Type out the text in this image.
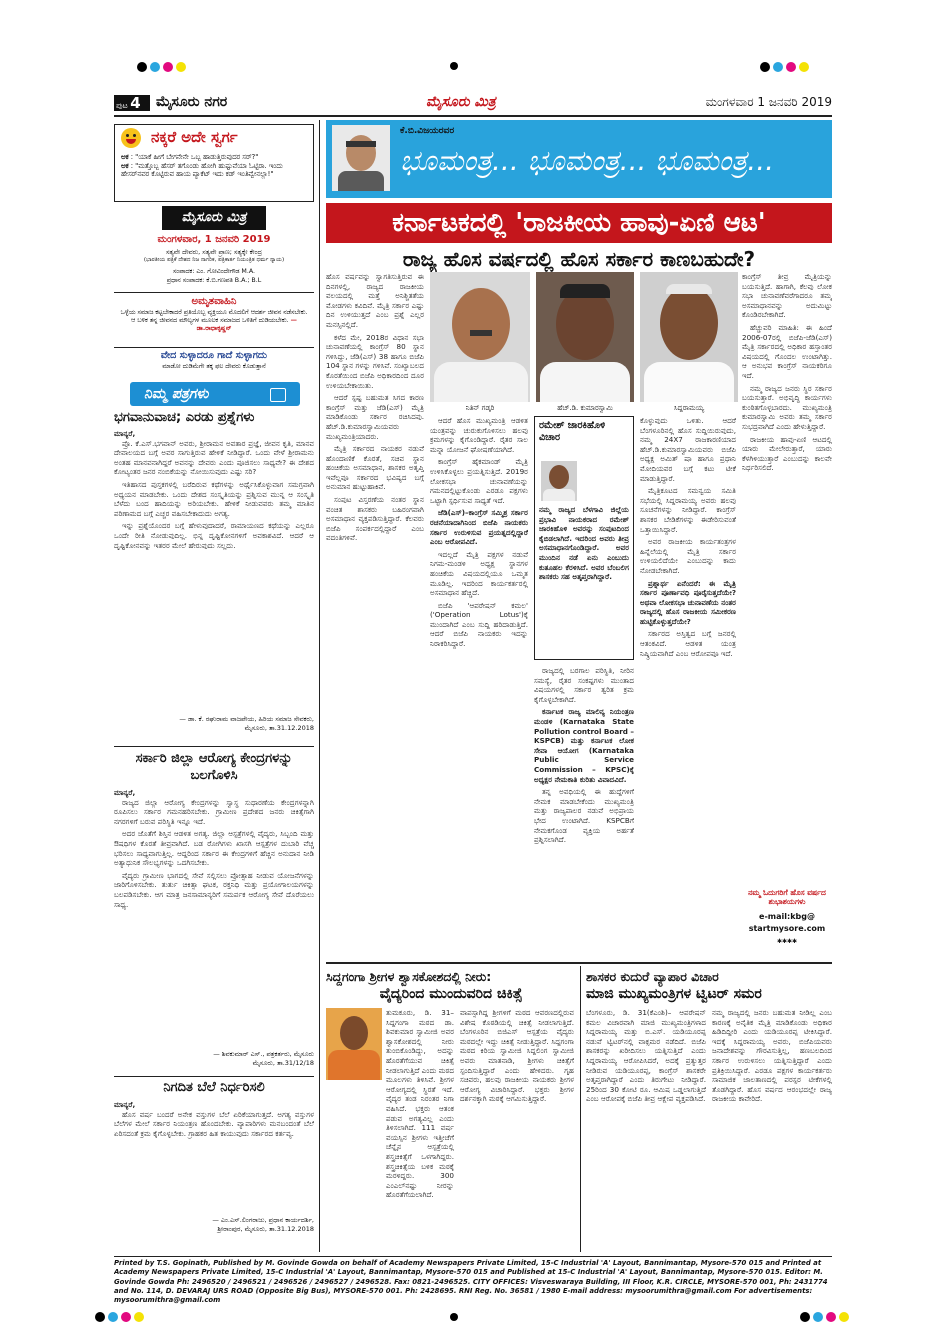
ಪುಟ 4	ಮೈಸೂರು ನಗರ	ಮೈಸೂರು ಮಿತ್ರ	ಮಂಗಳವಾರ 1 ಜನವರಿ 2019
ನಕ್ಕರೆ ಅದೇ ಸ್ವರ್ಗ
ಅಕ : "ಯಾಕೆ ಹೀಗೆ ಬೇಗನೇನೇ ಒಬ್ಬ ಹಾಡುತ್ತಿರುವುದರ ಸರ್?"
ಅಕ : "ಮತ್ತೊಬ್ಬ ಹೆಸರ್ ತಗೊಂಡು ಹೋಗಿ ಹುಷ್ಟುವೆಯಾ ಓಟ್ಟಿರಾ. ಇಂದು ಹೇಸರ್‌ನವರ ಕೊಟ್ಟಿರುವ ಹಾಯ ಪ್ಯಾಕೆಟ್ ಇದು ಕಡ್ ಇಂತಿವ್ವೇನಲ್ಲಾ!"
ಮೈಸೂರು ಮಿತ್ರ
ಮಂಗಳವಾರ, 1 ಜನವರಿ 2019
ಸತ್ಯವೇ ದೇವರು, ಸತ್ಯವೇ ಪ್ರಾಣ; ಸತ್ಯಕ್ಕೇ ಕೇಂದ್ರ
(ಭಾರತೀಯ ಪತ್ರಿಕೆ ದೇಶದ ನಿಜ ನಾಗರಿಕ, ಪತ್ರಿಕಾರ್ತ ನಿಯಂತ್ರಿತ ಧರ್ಮ ನ್ಯಾಯ)
ಸಂಪಾದಕ: ಎಂ. ಗೋವಿಂದೇಗೌಡ M.A.
ಪ್ರಧಾನ ಸಂಪಾದಕ: ಕೆ.ಬಿ.ಗಣಪತಿ B.A.; B.L
ಅಮೃತವಾಹಿನಿ
ಒಳ್ಳೆಯ ಸಮಾಜ ಕಟ್ಟಬೇಕಾದರೆ ಪ್ರತಿಯೊಬ್ಬ ವ್ಯಕ್ತಿಯೂ ಮೊದಲಿಗೆ ಆದರ್ಶ ಜೀವನ ನಡೆಸಬೇಕು. ಆ ಬಳಿಕ ತನ್ನ ಜೀವನದ ಮೌಲ್ಯಗಳ ಮೂಲಕ ಸಮಾಜದ ಒಳಿತಿಗೆ ದುಡಿಯಬೇಕು. — ಡಾ.ರಾಧಾಕೃಷ್ಣನ್
ವೇದ ಸುಳ್ಳಾದರೂ ಗಾದೆ ಸುಳ್ಳಾಗದು
ಮಾಡೋ ದುಡಿಮೆಗೇ ತಕ್ಕ ಫಲ ದೇವರು ಕೊಡುತ್ತಾನೆ
ನಿಮ್ಮ ಪತ್ರಗಳು
ಭಗವಾನುವಾಚ; ಎರಡು ಪ್ರಶ್ನೆಗಳು
ಮಾನ್ಯರೆ,

ಪ್ರೊ. ಕೆ.ಎಸ್.ಭಗವಾನ್ ಅವರು, ಶ್ರೀರಾಮನ ಅವತಾರ ಪ್ರಜ್ಞೆ, ಜೀವನ ಕೃತಿ, ಮಾನವ ದೇವಾಲಯದ ಬಗ್ಗೆ ಅವರ ಸಾಗುತ್ತಿರುವ ಹೇಳಿಕೆ ನೀಡಿದ್ದಾರೆ. ಒಂದು ವೇಳೆ ಶ್ರೀರಾಮನು ಅಂತಹ ಮಾನವನಾಗಿದ್ದರೆ ಅವನನ್ನು ದೇವರು ಎಂದು ಪೂಜಿಸಲು ಸಾಧ್ಯವೇ? ಈ ದೇಶದ ಕೋಟ್ಯಂತರ ಜನರ ನಂಬಿಕೆಯನ್ನು ನೋಯಿಸುವುದು ಎಷ್ಟು ಸರಿ?

ಇತಿಹಾಸದ ಪುಸ್ತಕಗಳಲ್ಲಿ ಬರೆದಿರುವ ಕಥೆಗಳನ್ನು ಅರ್ಥೈಸಿಕೊಳ್ಳುವಾಗ ಸಮಗ್ರವಾಗಿ ಅಧ್ಯಯನ ಮಾಡಬೇಕು. ಒಂದು ದೇಶದ ಸಂಸ್ಕೃತಿಯನ್ನು ಪ್ರಶ್ನಿಸುವ ಮುನ್ನ ಆ ಸಂಸ್ಕೃತಿ ಬೆಳೆದು ಬಂದ ಹಾದಿಯನ್ನು ಅರಿಯಬೇಕು. ಹೇಳಿಕೆ ನೀಡುವವರು ತಮ್ಮ ಮಾತಿನ ಪರಿಣಾಮದ ಬಗ್ಗೆ ಎಚ್ಚರ ವಹಿಸಬೇಕಾದುದು ಅಗತ್ಯ.

ಇನ್ನು ಪ್ರಶ್ನೆಯೊಂದರ ಬಗ್ಗೆ ಹೇಳುವುದಾದರೆ, ರಾಮಾಯಣದ ಕಥೆಯನ್ನು ಎಲ್ಲರೂ ಒಂದೇ ರೀತಿ ನೋಡುವುದಿಲ್ಲ. ಭಿನ್ನ ದೃಷ್ಟಿಕೋನಗಳಿಗೆ ಅವಕಾಶವಿದೆ. ಆದರೆ ಆ ದೃಷ್ಟಿಕೋನವನ್ನು ಇತರರ ಮೇಲೆ ಹೇರುವುದು ಸಲ್ಲದು.

— ಡಾ. ಕೆ. ರಘುರಾಮ ವಾಜಪೇಯ, ಹಿರಿಯ ಸಮಾಜ ಸೇವಕರು,
ಮೈಸೂರು, ತಾ.31.12.2018
ಸರ್ಕಾರಿ ಜಿಲ್ಲಾ ಆರೋಗ್ಯ ಕೇಂದ್ರಗಳನ್ನು ಬಲಗೊಳಿಸಿ
ಮಾನ್ಯರೆ,

ರಾಜ್ಯದ ಜಿಲ್ಲಾ ಆರೋಗ್ಯ ಕೇಂದ್ರಗಳನ್ನು ಸ್ವಾಸ್ಥ ಸುಧಾರಣೆಯ ಕೇಂದ್ರಗಳನ್ನಾಗಿ ರೂಪಿಸಲು ಸರ್ಕಾರ ಗಮನಹರಿಸಬೇಕು. ಗ್ರಾಮೀಣ ಪ್ರದೇಶದ ಜನರು ಚಿಕಿತ್ಸೆಗಾಗಿ ನಗರಗಳಿಗೆ ಬರುವ ಪರಿಸ್ಥಿತಿ ಇನ್ನೂ ಇದೆ.

ಅದರ ಜೊತೆಗೆ ಶಿಸ್ತಿನ ಆಡಳಿತ ಅಗತ್ಯ. ಜಿಲ್ಲಾ ಆಸ್ಪತ್ರೆಗಳಲ್ಲಿ ವೈದ್ಯರು, ಸಿಬ್ಬಂದಿ ಮತ್ತು ಔಷಧಿಗಳ ಕೊರತೆ ತೀವ್ರವಾಗಿದೆ. ಬಡ ರೋಗಿಗಳು ಖಾಸಗಿ ಆಸ್ಪತ್ರೆಗಳ ದುಬಾರಿ ವೆಚ್ಚ ಭರಿಸಲು ಸಾಧ್ಯವಾಗುತ್ತಿಲ್ಲ. ಆದ್ದರಿಂದ ಸರ್ಕಾರ ಈ ಕೇಂದ್ರಗಳಿಗೆ ಹೆಚ್ಚಿನ ಅನುದಾನ ನೀಡಿ ಅತ್ಯಾಧುನಿಕ ಸೌಲಭ್ಯಗಳನ್ನು ಒದಗಿಸಬೇಕು.

ವೈದ್ಯರು ಗ್ರಾಮೀಣ ಭಾಗದಲ್ಲಿ ಸೇವೆ ಸಲ್ಲಿಸಲು ಪ್ರೋತ್ಸಾಹ ನೀಡುವ ಯೋಜನೆಗಳನ್ನು ಜಾರಿಗೊಳಿಸಬೇಕು. ತುರ್ತು ಚಿಕಿತ್ಸಾ ಘಟಕ, ರಕ್ತನಿಧಿ ಮತ್ತು ಪ್ರಯೋಗಾಲಯಗಳನ್ನು ಬಲಪಡಿಸಬೇಕು. ಆಗ ಮಾತ್ರ ಜನಸಾಮಾನ್ಯರಿಗೆ ಸಮರ್ಪಕ ಆರೋಗ್ಯ ಸೇವೆ ದೊರೆಯಲು ಸಾಧ್ಯ.

— ಶಿವಕುಮಾರ್ ಎಸ್., ಪತ್ರಕರ್ತರು, ಮೈಸೂರು
ಮೈಸೂರು, ತಾ.31/12/18
ನಿಗದಿತ ಬೆಲೆ ನಿರ್ಧರಿಸಲಿ
ಮಾನ್ಯರೆ,

ಹೊಸ ವರ್ಷ ಬಂದರೆ ಅನೇಕ ವಸ್ತುಗಳ ಬೆಲೆ ಏರಿಕೆಯಾಗುತ್ತದೆ. ಅಗತ್ಯ ವಸ್ತುಗಳ ಬೆಲೆಗಳ ಮೇಲೆ ಸರ್ಕಾರ ನಿಯಂತ್ರಣ ಹೊಂದಬೇಕು. ವ್ಯಾಪಾರಿಗಳು ಮನಬಂದಂತೆ ಬೆಲೆ ಏರಿಸದಂತೆ ಕ್ರಮ ಕೈಗೊಳ್ಳಬೇಕು. ಗ್ರಾಹಕರ ಹಿತ ಕಾಯುವುದು ಸರ್ಕಾರದ ಕರ್ತವ್ಯ.

— ಎಂ.ಎಸ್.ಲಿಂಗರಾಜು, ಪ್ರಧಾನ ಕಾರ್ಯದರ್ಶಿ,
ಶ್ರೀರಾಂಪುರ, ಮೈಸೂರು, ತಾ.31.12.2018
ಕೆ.ಬಿ.ವಿಜಯರವರ
ಭೂಮಂತ್ರ... ಭೂಮಂತ್ರ... ಭೂಮಂತ್ರ...
ಕರ್ನಾಟಕದಲ್ಲಿ 'ರಾಜಕೀಯ ಹಾವು-ಏಣಿ ಆಟ'
ರಾಜ್ಯ ಹೊಸ ವರ್ಷದಲ್ಲಿ ಹೊಸ ಸರ್ಕಾರ ಕಾಣಬಹುದೇ?

ಹೊಸ ವರ್ಷವನ್ನು ಸ್ವಾಗತಿಸುತ್ತಿರುವ ಈ ದಿನಗಳಲ್ಲಿ, ರಾಜ್ಯದ ರಾಜಕೀಯ ವಲಯದಲ್ಲಿ ಮತ್ತೆ ಅನಿಶ್ಚಿತತೆಯ ಮೋಡಗಳು ಕವಿದಿವೆ. ಮೈತ್ರಿ ಸರ್ಕಾರ ಎಷ್ಟು ದಿನ ಉಳಿಯುತ್ತದೆ ಎಂಬ ಪ್ರಶ್ನೆ ಎಲ್ಲರ ಮನಸ್ಸಿನಲ್ಲಿದೆ.

ಕಳೆದ ಮೇ, 2018ರ ವಿಧಾನ ಸಭಾ ಚುನಾವಣೆಯಲ್ಲಿ ಕಾಂಗ್ರೆಸ್ 80 ಸ್ಥಾನ ಗಳಿಸಿದ್ದು, ಜೆಡಿ(ಎಸ್) 38 ಹಾಗೂ ಬಿಜೆಪಿ 104 ಸ್ಥಾನ ಗಳನ್ನು ಗಳಿಸಿವೆ. ಸಂಖ್ಯಾಬಲದ ಕೊರತೆಯಿಂದ ಬಿಜೆಪಿ ಅಧಿಕಾರದಿಂದ ದೂರ ಉಳಿಯಬೇಕಾಯಿತು.

ಆದರೆ ಸ್ಪಷ್ಟ ಬಹುಮತ ಸಿಗದ ಕಾರಣ ಕಾಂಗ್ರೆಸ್ ಮತ್ತು ಜೆಡಿ(ಎಸ್) ಮೈತ್ರಿ ಮಾಡಿಕೊಂಡು ಸರ್ಕಾರ ರಚಿಸಿದವು. ಹೆಚ್.ಡಿ.ಕುಮಾರಸ್ವಾಮಿಯವರು ಮುಖ್ಯಮಂತ್ರಿಯಾದರು.

ಮೈತ್ರಿ ಸರ್ಕಾರದ ನಾಯಕರ ನಡುವೆ ಹೊಂದಾಣಿಕೆ ಕೊರತೆ, ಸಚಿವ ಸ್ಥಾನ ಹಂಚಿಕೆಯ ಅಸಮಾಧಾನ, ಶಾಸಕರ ಅತೃಪ್ತಿ ಇವೆಲ್ಲವೂ ಸರ್ಕಾರದ ಭವಿಷ್ಯದ ಬಗ್ಗೆ ಅನುಮಾನ ಹುಟ್ಟುಹಾಕಿವೆ.

ಸಂಪುಟ ವಿಸ್ತರಣೆಯ ನಂತರ ಸ್ಥಾನ ವಂಚಿತ ಶಾಸಕರು ಬಹಿರಂಗವಾಗಿ ಅಸಮಾಧಾನ ವ್ಯಕ್ತಪಡಿಸುತ್ತಿದ್ದಾರೆ. ಕೆಲವರು ಬಿಜೆಪಿ ಸಂಪರ್ಕದಲ್ಲಿದ್ದಾರೆ ಎಂಬ ವದಂತಿಗಳಿವೆ.

ನಿತಿನ್ ಗಡ್ಕರಿ	ಹೆಚ್.ಡಿ. ಕುಮಾರಸ್ವಾಮಿ	ಸಿದ್ದರಾಮಯ್ಯ

ಆದರೆ ಹೊಸ ಮುಖ್ಯಮಂತ್ರಿ ಆಡಳಿತ ಯಂತ್ರವನ್ನು ಚುರುಕುಗೊಳಿಸಲು ಹಲವು ಕ್ರಮಗಳನ್ನು ಕೈಗೊಂಡಿದ್ದಾರೆ. ರೈತರ ಸಾಲ ಮನ್ನಾ ಯೋಜನೆ ಘೋಷಣೆಯಾಗಿದೆ.

ಕಾಂಗ್ರೆಸ್ ಹೈಕಮಾಂಡ್ ಮೈತ್ರಿ ಉಳಿಸಿಕೊಳ್ಳಲು ಪ್ರಯತ್ನಿಸುತ್ತಿದೆ. 2019ರ ಲೋಕಸಭಾ ಚುನಾವಣೆಯನ್ನು ಗಮನದಲ್ಲಿಟ್ಟುಕೊಂಡು ಎರಡೂ ಪಕ್ಷಗಳು ಒಟ್ಟಾಗಿ ಸ್ಪರ್ಧಿಸುವ ಸಾಧ್ಯತೆ ಇದೆ.

ಜೆಡಿ(ಎಸ್)–ಕಾಂಗ್ರೆಸ್ ಸಮ್ಮಿಶ್ರ ಸರ್ಕಾರ ರಚನೆಯಾದಾಗಿನಿಂದ ಬಿಜೆಪಿ ನಾಯಕರು ಸರ್ಕಾರ ಉರುಳಿಸುವ ಪ್ರಯತ್ನದಲ್ಲಿದ್ದಾರೆ ಎಂಬ ಆರೋಪವಿದೆ.

ಇದಲ್ಲದೆ ಮೈತ್ರಿ ಪಕ್ಷಗಳ ನಡುವೆ ನಿಗಮ-ಮಂಡಳಿ ಅಧ್ಯಕ್ಷ ಸ್ಥಾನಗಳ ಹಂಚಿಕೆಯ ವಿಷಯದಲ್ಲಿಯೂ ಒಮ್ಮತ ಮೂಡಿಲ್ಲ. ಇದರಿಂದ ಕಾರ್ಯಕರ್ತರಲ್ಲಿ ಅಸಮಾಧಾನ ಹೆಚ್ಚಿದೆ.

ಬಿಜೆಪಿ 'ಆಪರೇಷನ್ ಕಮಲ' ('Operation Lotus')ಕ್ಕೆ ಮುಂದಾಗಿದೆ ಎಂಬ ಸುದ್ದಿ ಹರಿದಾಡುತ್ತಿದೆ. ಆದರೆ ಬಿಜೆಪಿ ನಾಯಕರು ಇದನ್ನು ನಿರಾಕರಿಸಿದ್ದಾರೆ.

ರಮೇಶ್ ಜಾರಕಿಹೊಳಿ ವಿಚಾರ
ನಮ್ಮ ರಾಜ್ಯದ ಬೆಳಗಾವಿ ಜಿಲ್ಲೆಯ ಪ್ರಭಾವಿ ನಾಯಕರಾದ ರಮೇಶ್ ಜಾರಕಿಹೊಳಿ ಅವರನ್ನು ಸಂಪುಟದಿಂದ ಕೈಬಿಡಲಾಗಿದೆ. ಇದರಿಂದ ಅವರು ತೀವ್ರ ಅಸಮಾಧಾನಗೊಂಡಿದ್ದಾರೆ. ಅವರ ಮುಂದಿನ ನಡೆ ಏನು ಎಂಬುದು ಕುತೂಹಲ ಕೆರಳಿಸಿದೆ. ಅವರ ಬೆಂಬಲಿಗ ಶಾಸಕರು ಸಹ ಅತೃಪ್ತರಾಗಿದ್ದಾರೆ.

ರಾಜ್ಯದಲ್ಲಿ ಬರಗಾಲ ಪರಿಸ್ಥಿತಿ, ನೀರಿನ ಸಮಸ್ಯೆ, ರೈತರ ಸಂಕಷ್ಟಗಳು ಮುಂತಾದ ವಿಷಯಗಳಲ್ಲಿ ಸರ್ಕಾರ ತ್ವರಿತ ಕ್ರಮ ಕೈಗೊಳ್ಳಬೇಕಾಗಿದೆ.

ಕರ್ನಾಟಕ ರಾಜ್ಯ ಮಾಲಿನ್ಯ ನಿಯಂತ್ರಣ ಮಂಡಳಿ (Karnataka State Pollution control Board – KSPCB) ಮತ್ತು ಕರ್ನಾಟಕ ಲೋಕ ಸೇವಾ ಆಯೋಗ (Karnataka Public Service Commission – KPSC)ಕ್ಕೆ ಅಧ್ಯಕ್ಷರ ನೇಮಕಾತಿ ಕುರಿತು ವಿವಾದವಿದೆ.

ತನ್ನ ಅವಧಿಯಲ್ಲಿ ಈ ಹುದ್ದೆಗಳಿಗೆ ನೇಮಕ ಮಾಡಬೇಕೆಂದು ಮುಖ್ಯಮಂತ್ರಿ ಮತ್ತು ರಾಜ್ಯಪಾಲರ ನಡುವೆ ಅಭಿಪ್ರಾಯ ಭೇದ ಉಂಟಾಗಿದೆ. KSPCBಗೆ ನೇಮಕಗೊಂಡ ವ್ಯಕ್ತಿಯ ಅರ್ಹತೆ ಪ್ರಶ್ನಿಸಲಾಗಿದೆ.

ಕೊಳ್ಳುವುದು ಒಳಿತು. ಆದರೆ ಬೆಂಗಳೂರಿನಲ್ಲಿ ಹೊಸ ಸುದ್ದಿಯಿರುವುದು, ನಮ್ಮ 24X7 ರಾಜಕಾರಣಿಯಾದ ಹೆಚ್.ಡಿ.ಕುಮಾರಸ್ವಾಮಿಯವರು ಬಿಜೆಪಿ ಅಧ್ಯಕ್ಷ ಅಮಿತ್ ಷಾ ಹಾಗೂ ಪ್ರಧಾನಿ ಮೋದಿಯವರ ಬಗ್ಗೆ ಕಟು ಟೀಕೆ ಮಾಡುತ್ತಿದ್ದಾರೆ.

ಮೈತ್ರಿಕೂಟದ ಸಮನ್ವಯ ಸಮಿತಿ ಸಭೆಯಲ್ಲಿ ಸಿದ್ದರಾಮಯ್ಯ ಅವರು ಹಲವು ಸೂಚನೆಗಳನ್ನು ನೀಡಿದ್ದಾರೆ. ಕಾಂಗ್ರೆಸ್ ಶಾಸಕರ ಬೇಡಿಕೆಗಳನ್ನು ಈಡೇರಿಸುವಂತೆ ಒತ್ತಾಯಿಸಿದ್ದಾರೆ.

ಅವರ ರಾಜಕೀಯ ಕಾರ್ಯತಂತ್ರಗಳ ಹಿನ್ನೆಲೆಯಲ್ಲಿ ಮೈತ್ರಿ ಸರ್ಕಾರ ಉಳಿಯಲಿದೆಯೇ ಎಂಬುದನ್ನು ಕಾದು ನೋಡಬೇಕಾಗಿದೆ.

ಪ್ರಶ್ನಾರ್ಥ ಏನೆಂದರೆ: ಈ ಮೈತ್ರಿ ಸರ್ಕಾರ ಪೂರ್ಣಾವಧಿ ಪೂರೈಸುತ್ತದೆಯೇ? ಅಥವಾ ಲೋಕಸಭಾ ಚುನಾವಣೆಯ ನಂತರ ರಾಜ್ಯದಲ್ಲಿ ಹೊಸ ರಾಜಕೀಯ ಸಮೀಕರಣ ಹುಟ್ಟಿಕೊಳ್ಳುತ್ತದೆಯೇ?

ಸರ್ಕಾರದ ಅಸ್ತಿತ್ವದ ಬಗ್ಗೆ ಜನರಲ್ಲಿ ಆತಂಕವಿದೆ. ಆಡಳಿತ ಯಂತ್ರ ನಿಷ್ಕ್ರಿಯವಾಗಿದೆ ಎಂಬ ಆರೋಪವೂ ಇದೆ.

ಕಾಂಗ್ರೆಸ್ ತೀವ್ರ ಮೈತ್ರಿಯನ್ನು ಬಯಸುತ್ತಿದೆ. ಹಾಗಾಗಿ, ಕೆಲವು ಲೋಕ ಸಭಾ ಚುನಾವಣೆವರೆಗಾದರೂ ತಮ್ಮ ಅಸಮಾಧಾನವನ್ನು ಅದುಮಿಟ್ಟು ಕೊಂಡಿರಬೇಕಾಗಿದೆ.

ಹೆಚ್ಚುವರಿ ಮಾಹಿತಿ: ಈ ಹಿಂದೆ 2006-07ರಲ್ಲಿ ಬಿಜೆಪಿ-ಜೆಡಿ(ಎಸ್) ಮೈತ್ರಿ ಸರ್ಕಾರದಲ್ಲಿ ಅಧಿಕಾರ ಹಸ್ತಾಂತರ ವಿಷಯದಲ್ಲಿ ಗೊಂದಲ ಉಂಟಾಗಿತ್ತು. ಆ ಅನುಭವ ಕಾಂಗ್ರೆಸ್ ನಾಯಕರಿಗೂ ಇದೆ.

ನಮ್ಮ ರಾಜ್ಯದ ಜನರು ಸ್ಥಿರ ಸರ್ಕಾರ ಬಯಸುತ್ತಾರೆ. ಅಭಿವೃದ್ಧಿ ಕಾರ್ಯಗಳು ಕುಂಠಿತಗೊಳ್ಳಬಾರದು. ಮುಖ್ಯಮಂತ್ರಿ ಕುಮಾರಸ್ವಾಮಿ ಅವರು ತಮ್ಮ ಸರ್ಕಾರ ಸುಭದ್ರವಾಗಿದೆ ಎಂದು ಹೇಳುತ್ತಿದ್ದಾರೆ.

ರಾಜಕೀಯ ಹಾವು-ಏಣಿ ಆಟದಲ್ಲಿ ಯಾರು ಮೇಲೇರುತ್ತಾರೆ, ಯಾರು ಕೆಳಗಿಳಿಯುತ್ತಾರೆ ಎಂಬುದನ್ನು ಕಾಲವೇ ನಿರ್ಧರಿಸಲಿದೆ.

ನಮ್ಮ ಓದುಗರಿಗೆ ಹೊಸ ವರ್ಷದ ಶುಭಾಶಯಗಳು
e-mail:kbg@
startmysore.com
✱✱✱✱
ಸಿದ್ದಗಂಗಾ ಶ್ರೀಗಳ ಶ್ವಾಸಕೋಶದಲ್ಲಿ ನೀರು:
ವೈದ್ಯರಿಂದ ಮುಂದುವರಿದ ಚಿಕಿತ್ಸೆ
ತುಮಕೂರು, ಡಿ. 31– ಸಿದ್ದಗಂಗಾ ಮಠದ ಡಾ. ಶಿವಕುಮಾರ ಸ್ವಾಮೀಜಿ ಅವರ ಶ್ವಾಸಕೋಶದಲ್ಲಿ ನೀರು ತುಂಬಿಕೊಂಡಿದ್ದು, ಅದನ್ನು ಹೊರತೆಗೆಯುವ ಚಿಕಿತ್ಸೆ ನೀಡಲಾಗುತ್ತಿದೆ ಎಂದು ಮಠದ ಮೂಲಗಳು ತಿಳಿಸಿವೆ. ಶ್ರೀಗಳ ಆರೋಗ್ಯದಲ್ಲಿ ಸ್ಥಿರತೆ ಇದೆ. ವೈದ್ಯರ ತಂಡ ನಿರಂತರ ನಿಗಾ ವಹಿಸಿದೆ. ಭಕ್ತರು ಆತಂಕ ಪಡುವ ಅಗತ್ಯವಿಲ್ಲ ಎಂದು ತಿಳಿಸಲಾಗಿದೆ. 111 ವರ್ಷ ವಯಸ್ಸಿನ ಶ್ರೀಗಳು ಇತ್ತೀಚೆಗೆ ಚೆನ್ನೈನ ಆಸ್ಪತ್ರೆಯಲ್ಲಿ ಶಸ್ತ್ರಚಿಕಿತ್ಸೆಗೆ ಒಳಗಾಗಿದ್ದರು. ಶಸ್ತ್ರಚಿಕಿತ್ಸೆಯ ಬಳಿಕ ಮಠಕ್ಕೆ ಮರಳಿದ್ದರು. 300 ಎಂಎಲ್‌ನಷ್ಟು ನೀರನ್ನು ಹೊರತೆಗೆಯಲಾಗಿದೆ.
ವಾಪಸ್ಸಾಗಿದ್ದ ಶ್ರೀಗಳಿಗೆ ಮಠದ ಆವರಣದಲ್ಲಿರುವ ವಿಶೇಷ ಕೊಠಡಿಯಲ್ಲಿ ಚಿಕಿತ್ಸೆ ನೀಡಲಾಗುತ್ತಿದೆ. ಬೆಂಗಳೂರಿನ ಬಿಜಿಎಸ್ ಆಸ್ಪತ್ರೆಯ ವೈದ್ಯರು ಮಠದಲ್ಲೇ ಇದ್ದು ಚಿಕಿತ್ಸೆ ನೀಡುತ್ತಿದ್ದಾರೆ. ಸಿದ್ದಗಂಗಾ ಮಠದ ಕಿರಿಯ ಸ್ವಾಮೀಜಿ ಸಿದ್ದಲಿಂಗ ಸ್ವಾಮೀಜಿ ಅವರು ಮಾತನಾಡಿ, ಶ್ರೀಗಳು ಚಿಕಿತ್ಸೆಗೆ ಸ್ಪಂದಿಸುತ್ತಿದ್ದಾರೆ ಎಂದು ಹೇಳಿದರು. ಗೃಹ ಸಚಿವರು, ಹಲವು ರಾಜಕೀಯ ನಾಯಕರು ಶ್ರೀಗಳ ಆರೋಗ್ಯ ವಿಚಾರಿಸಿದ್ದಾರೆ. ಭಕ್ತರು ಶ್ರೀಗಳ ದರ್ಶನಕ್ಕಾಗಿ ಮಠಕ್ಕೆ ಆಗಮಿಸುತ್ತಿದ್ದಾರೆ.
ಶಾಸಕರ ಕುದುರೆ ವ್ಯಾಪಾರ ವಿಚಾರ
ಮಾಜಿ ಮುಖ್ಯಮಂತ್ರಿಗಳ ಟ್ವಿಟರ್ ಸಮರ
ಬೆಂಗಳೂರು, ಡಿ. 31(ಕೆಎಂಶಿ)– ಆಪರೇಷನ್ ಕಮಲ ವಿಚಾರವಾಗಿ ಮಾಜಿ ಮುಖ್ಯಮಂತ್ರಿಗಳಾದ ಸಿದ್ದರಾಮಯ್ಯ ಮತ್ತು ಬಿ.ಎಸ್. ಯಡಿಯೂರಪ್ಪ ನಡುವೆ ಟ್ವಿಟರ್‌ನಲ್ಲಿ ವಾಕ್ಸಮರ ನಡೆದಿದೆ. ಬಿಜೆಪಿ ಶಾಸಕರನ್ನು ಖರೀದಿಸಲು ಯತ್ನಿಸುತ್ತಿದೆ ಎಂದು ಸಿದ್ದರಾಮಯ್ಯ ಆರೋಪಿಸಿದರೆ, ಅದಕ್ಕೆ ಪ್ರತ್ಯುತ್ತರ ನೀಡಿರುವ ಯಡಿಯೂರಪ್ಪ, ಕಾಂಗ್ರೆಸ್ ಶಾಸಕರೇ ಅತೃಪ್ತರಾಗಿದ್ದಾರೆ ಎಂದು ತಿರುಗೇಟು ನೀಡಿದ್ದಾರೆ. 25ರಿಂದ 30 ಕೋಟಿ ರೂ. ಆಮಿಷ ಒಡ್ಡಲಾಗುತ್ತಿದೆ ಎಂಬ ಆರೋಪಕ್ಕೆ ಬಿಜೆಪಿ ತೀವ್ರ ಆಕ್ಷೇಪ ವ್ಯಕ್ತಪಡಿಸಿದೆ.
ನಮ್ಮ ರಾಜ್ಯದಲ್ಲಿ ಜನರು ಬಹುಮತ ನೀಡಿಲ್ಲ ಎಂಬ ಕಾರಣಕ್ಕೆ ಅನೈತಿಕ ಮೈತ್ರಿ ಮಾಡಿಕೊಂಡು ಅಧಿಕಾರ ಹಿಡಿದಿದ್ದೀರಿ ಎಂದು ಯಡಿಯೂರಪ್ಪ ಟೀಕಿಸಿದ್ದಾರೆ. ಇದಕ್ಕೆ ಸಿದ್ದರಾಮಯ್ಯ ಅವರು, ಬಿಜೆಪಿಯವರು ಜನಾದೇಶವನ್ನು ಗೌರವಿಸುತ್ತಿಲ್ಲ, ಹಣಬಲದಿಂದ ಸರ್ಕಾರ ಉರುಳಿಸಲು ಯತ್ನಿಸುತ್ತಿದ್ದಾರೆ ಎಂದು ಪ್ರತಿಕ್ರಿಯಿಸಿದ್ದಾರೆ. ಎರಡೂ ಪಕ್ಷಗಳ ಕಾರ್ಯಕರ್ತರು ಸಾಮಾಜಿಕ ಜಾಲತಾಣದಲ್ಲಿ ಪರಸ್ಪರ ಟೀಕೆಗಳಲ್ಲಿ ತೊಡಗಿದ್ದಾರೆ. ಹೊಸ ವರ್ಷದ ಆರಂಭದಲ್ಲೇ ರಾಜ್ಯ ರಾಜಕೀಯ ಕಾವೇರಿದೆ.
Printed by T.S. Gopinath, Published by M. Govinde Gowda on behalf of Academy Newspapers Private Limited, 15-C Industrial 'A' Layout, Bannimantap, Mysore-570 015 and Printed at Academy Newspapers Private Limited, 15-C Industrial 'A' Layout, Bannimantap, Mysore-570 015 and Published at 15-C Industrial 'A' Layout, Bannimantap, Mysore-570 015. Editor: M. Govinde Gowda Ph: 2496520 / 2496521 / 2496526 / 2496527 / 2496528. Fax: 0821-2496525. CITY OFFICES: Visveswaraya Building, III Floor, K.R. CIRCLE, MYSORE-570 001, Ph: 2431774 and No. 114, D. DEVARAJ URS ROAD (Opposite Big Bus), MYSORE-570 001. Ph: 2428695. RNI Reg. No. 36581 / 1980 E-mail address: mysoorumithra@gmail.com For advertisements: mysoorumithra@gmail.com
